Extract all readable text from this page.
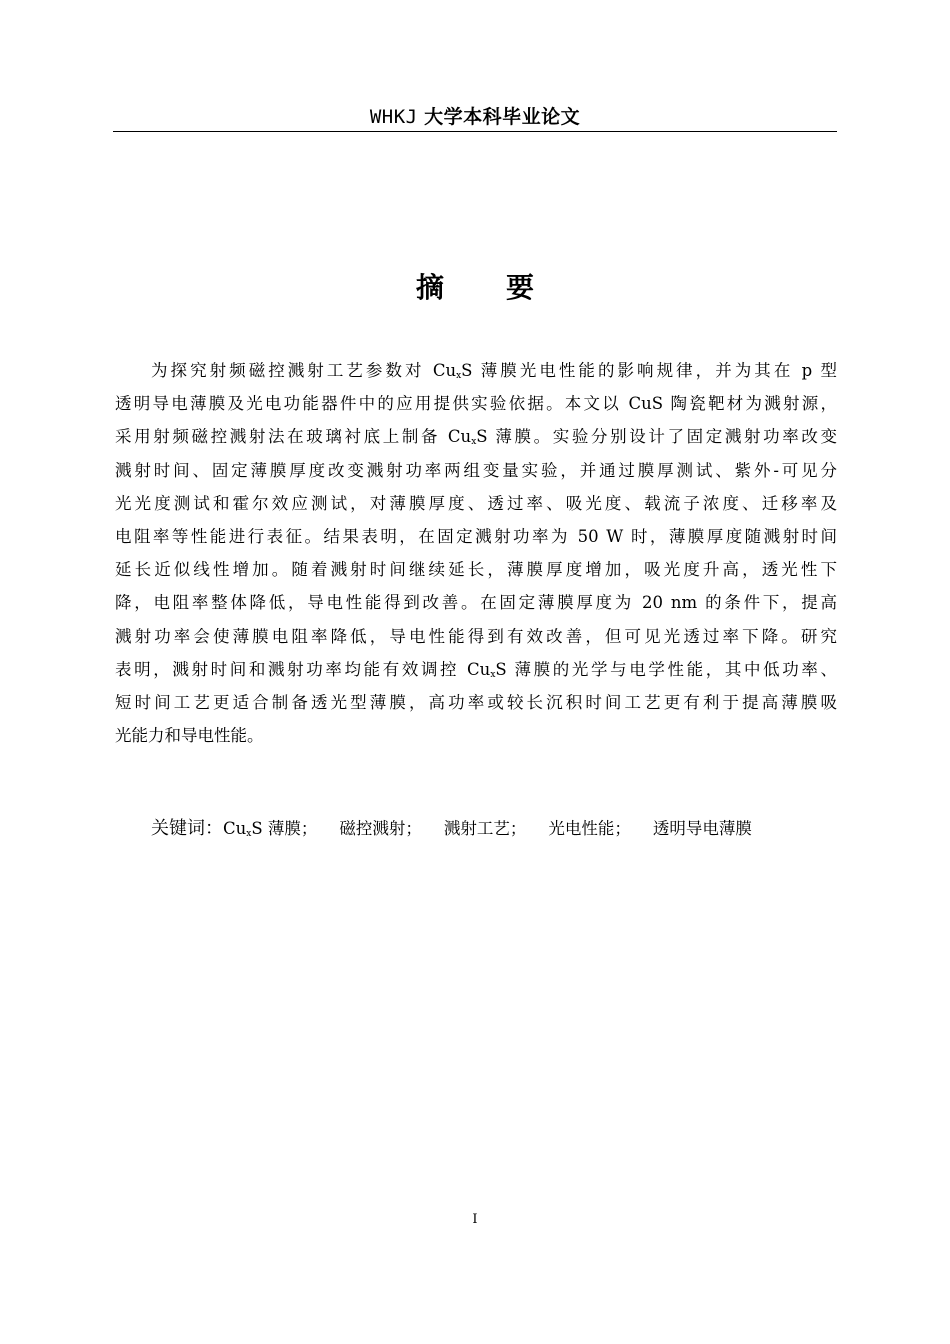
WHKJ 大学本科毕业论文
摘 要
为探究射频磁控溅射工艺参数对 $Cu_xS$ 薄膜光电性能的影响规律，并为其在 p 型
透明导电薄膜及光电功能器件中的应用提供实验依据。本文以 CuS 陶瓷靶材为溅射源，
采用射频磁控溅射法在玻璃衬底上制备 $Cu_xS$ 薄膜。实验分别设计了固定溅射功率改变
溅射时间、固定薄膜厚度改变溅射功率两组变量实验，并通过膜厚测试、紫外-可见分
光光度测试和霍尔效应测试，对薄膜厚度、透过率、吸光度、载流子浓度、迁移率及
电阻率等性能进行表征。结果表明，在固定溅射功率为 50 W 时，薄膜厚度随溅射时间
延长近似线性增加。随着溅射时间继续延长，薄膜厚度增加，吸光度升高，透光性下
降，电阻率整体降低，导电性能得到改善。在固定薄膜厚度为 20 nm 的条件下，提高
溅射功率会使薄膜电阻率降低，导电性能得到有效改善，但可见光透过率下降。研究
表明，溅射时间和溅射功率均能有效调控 $Cu_xS$ 薄膜的光学与电学性能，其中低功率、
短时间工艺更适合制备透光型薄膜，高功率或较长沉积时间工艺更有利于提高薄膜吸
光能力和导电性能。
关键词：$Cu_xS$ 薄膜； 磁控溅射； 溅射工艺； 光电性能； 透明导电薄膜
I
